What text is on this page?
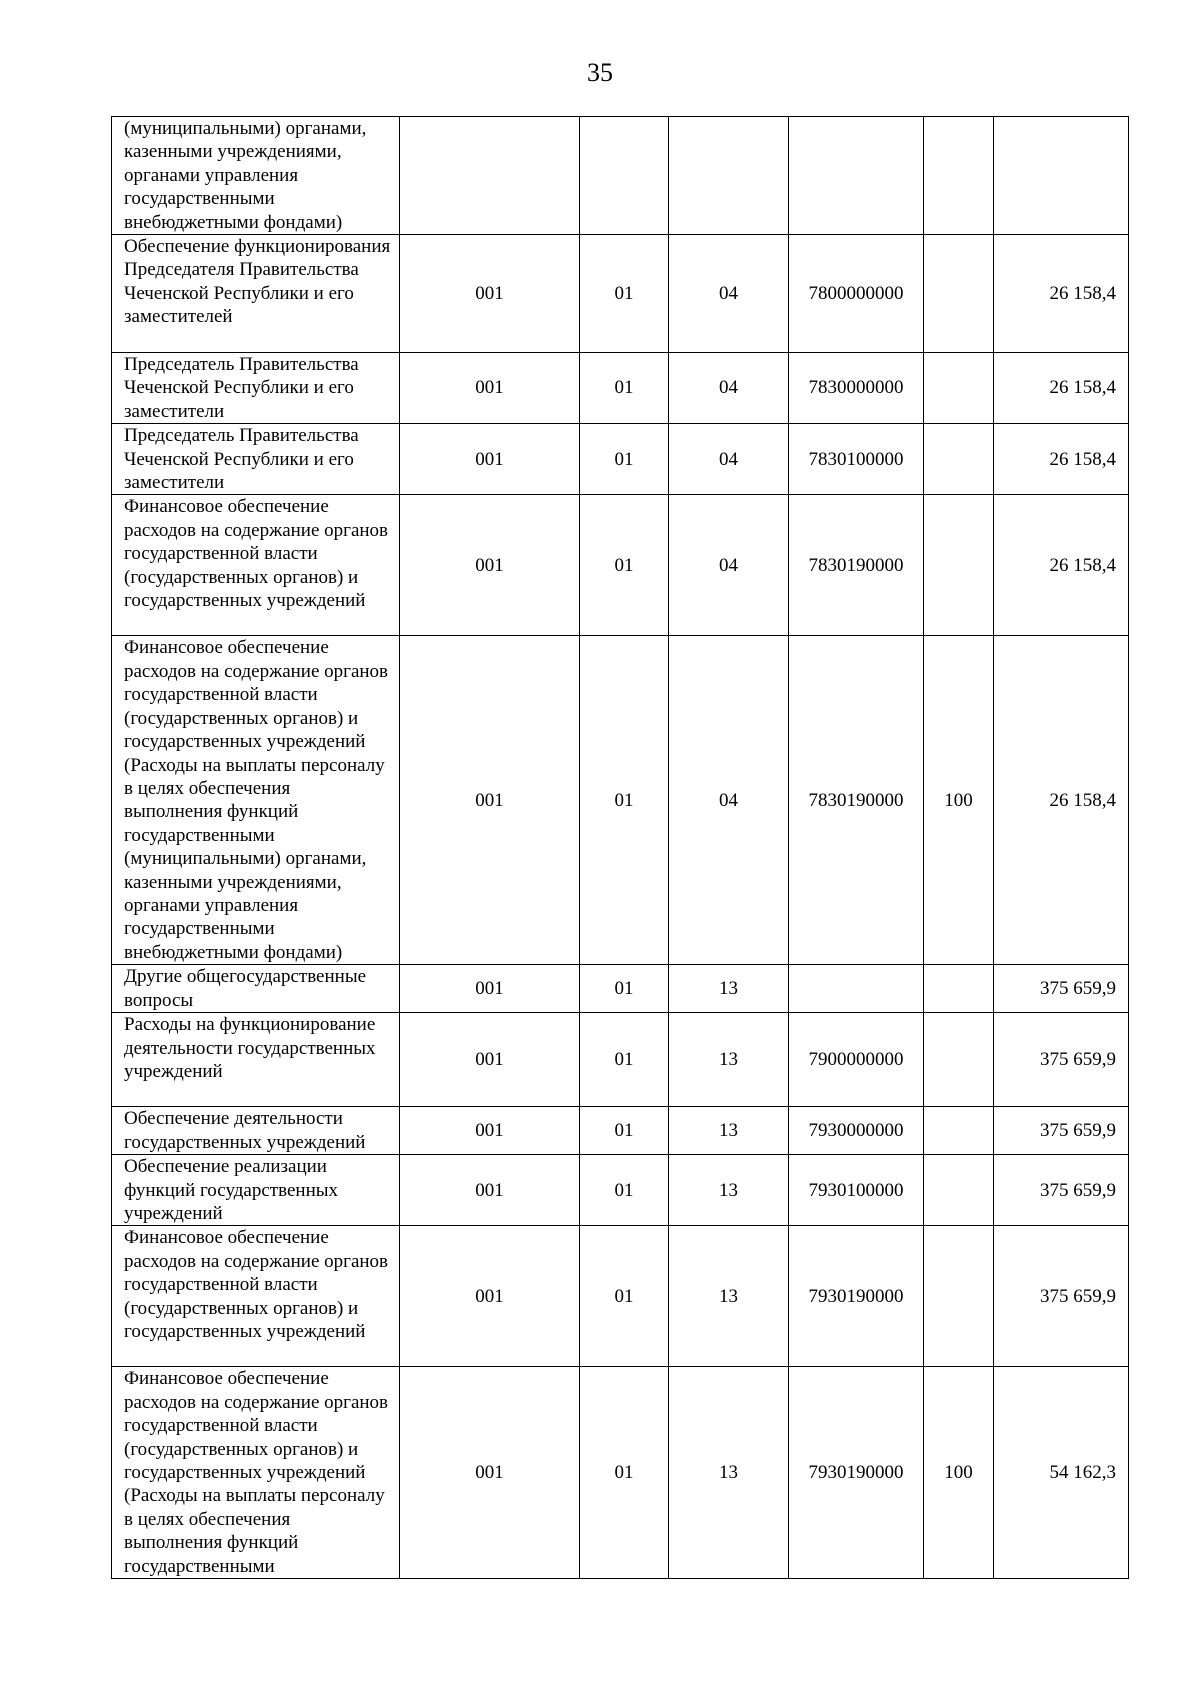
35
(муниципальными) органами, казенными учреждениями, органами управления государственными внебюджетными фондами)						
Обеспечение функционирования Председателя Правительства Чеченской Республики и его заместителей	001	01	04	7800000000		26 158,4
Председатель Правительства Чеченской Республики и его заместители	001	01	04	7830000000		26 158,4
Председатель Правительства Чеченской Республики и его заместители	001	01	04	7830100000		26 158,4
Финансовое обеспечение расходов на содержание органов государственной власти (государственных органов) и государственных учреждений	001	01	04	7830190000		26 158,4
Финансовое обеспечение расходов на содержание органов государственной власти (государственных органов) и государственных учреждений (Расходы на выплаты персоналу в целях обеспечения выполнения функций государственными (муниципальными) органами, казенными учреждениями, органами управления государственными внебюджетными фондами)	001	01	04	7830190000	100	26 158,4
Другие общегосударственные вопросы	001	01	13			375 659,9
Расходы на функционирование деятельности государственных учреждений	001	01	13	7900000000		375 659,9
Обеспечение деятельности государственных учреждений	001	01	13	7930000000		375 659,9
Обеспечение реализации функций государственных учреждений	001	01	13	7930100000		375 659,9
Финансовое обеспечение расходов на содержание органов государственной власти (государственных органов) и государственных учреждений	001	01	13	7930190000		375 659,9
Финансовое обеспечение расходов на содержание органов государственной власти (государственных органов) и государственных учреждений (Расходы на выплаты персоналу в целях обеспечения выполнения функций государственными	001	01	13	7930190000	100	54 162,3
